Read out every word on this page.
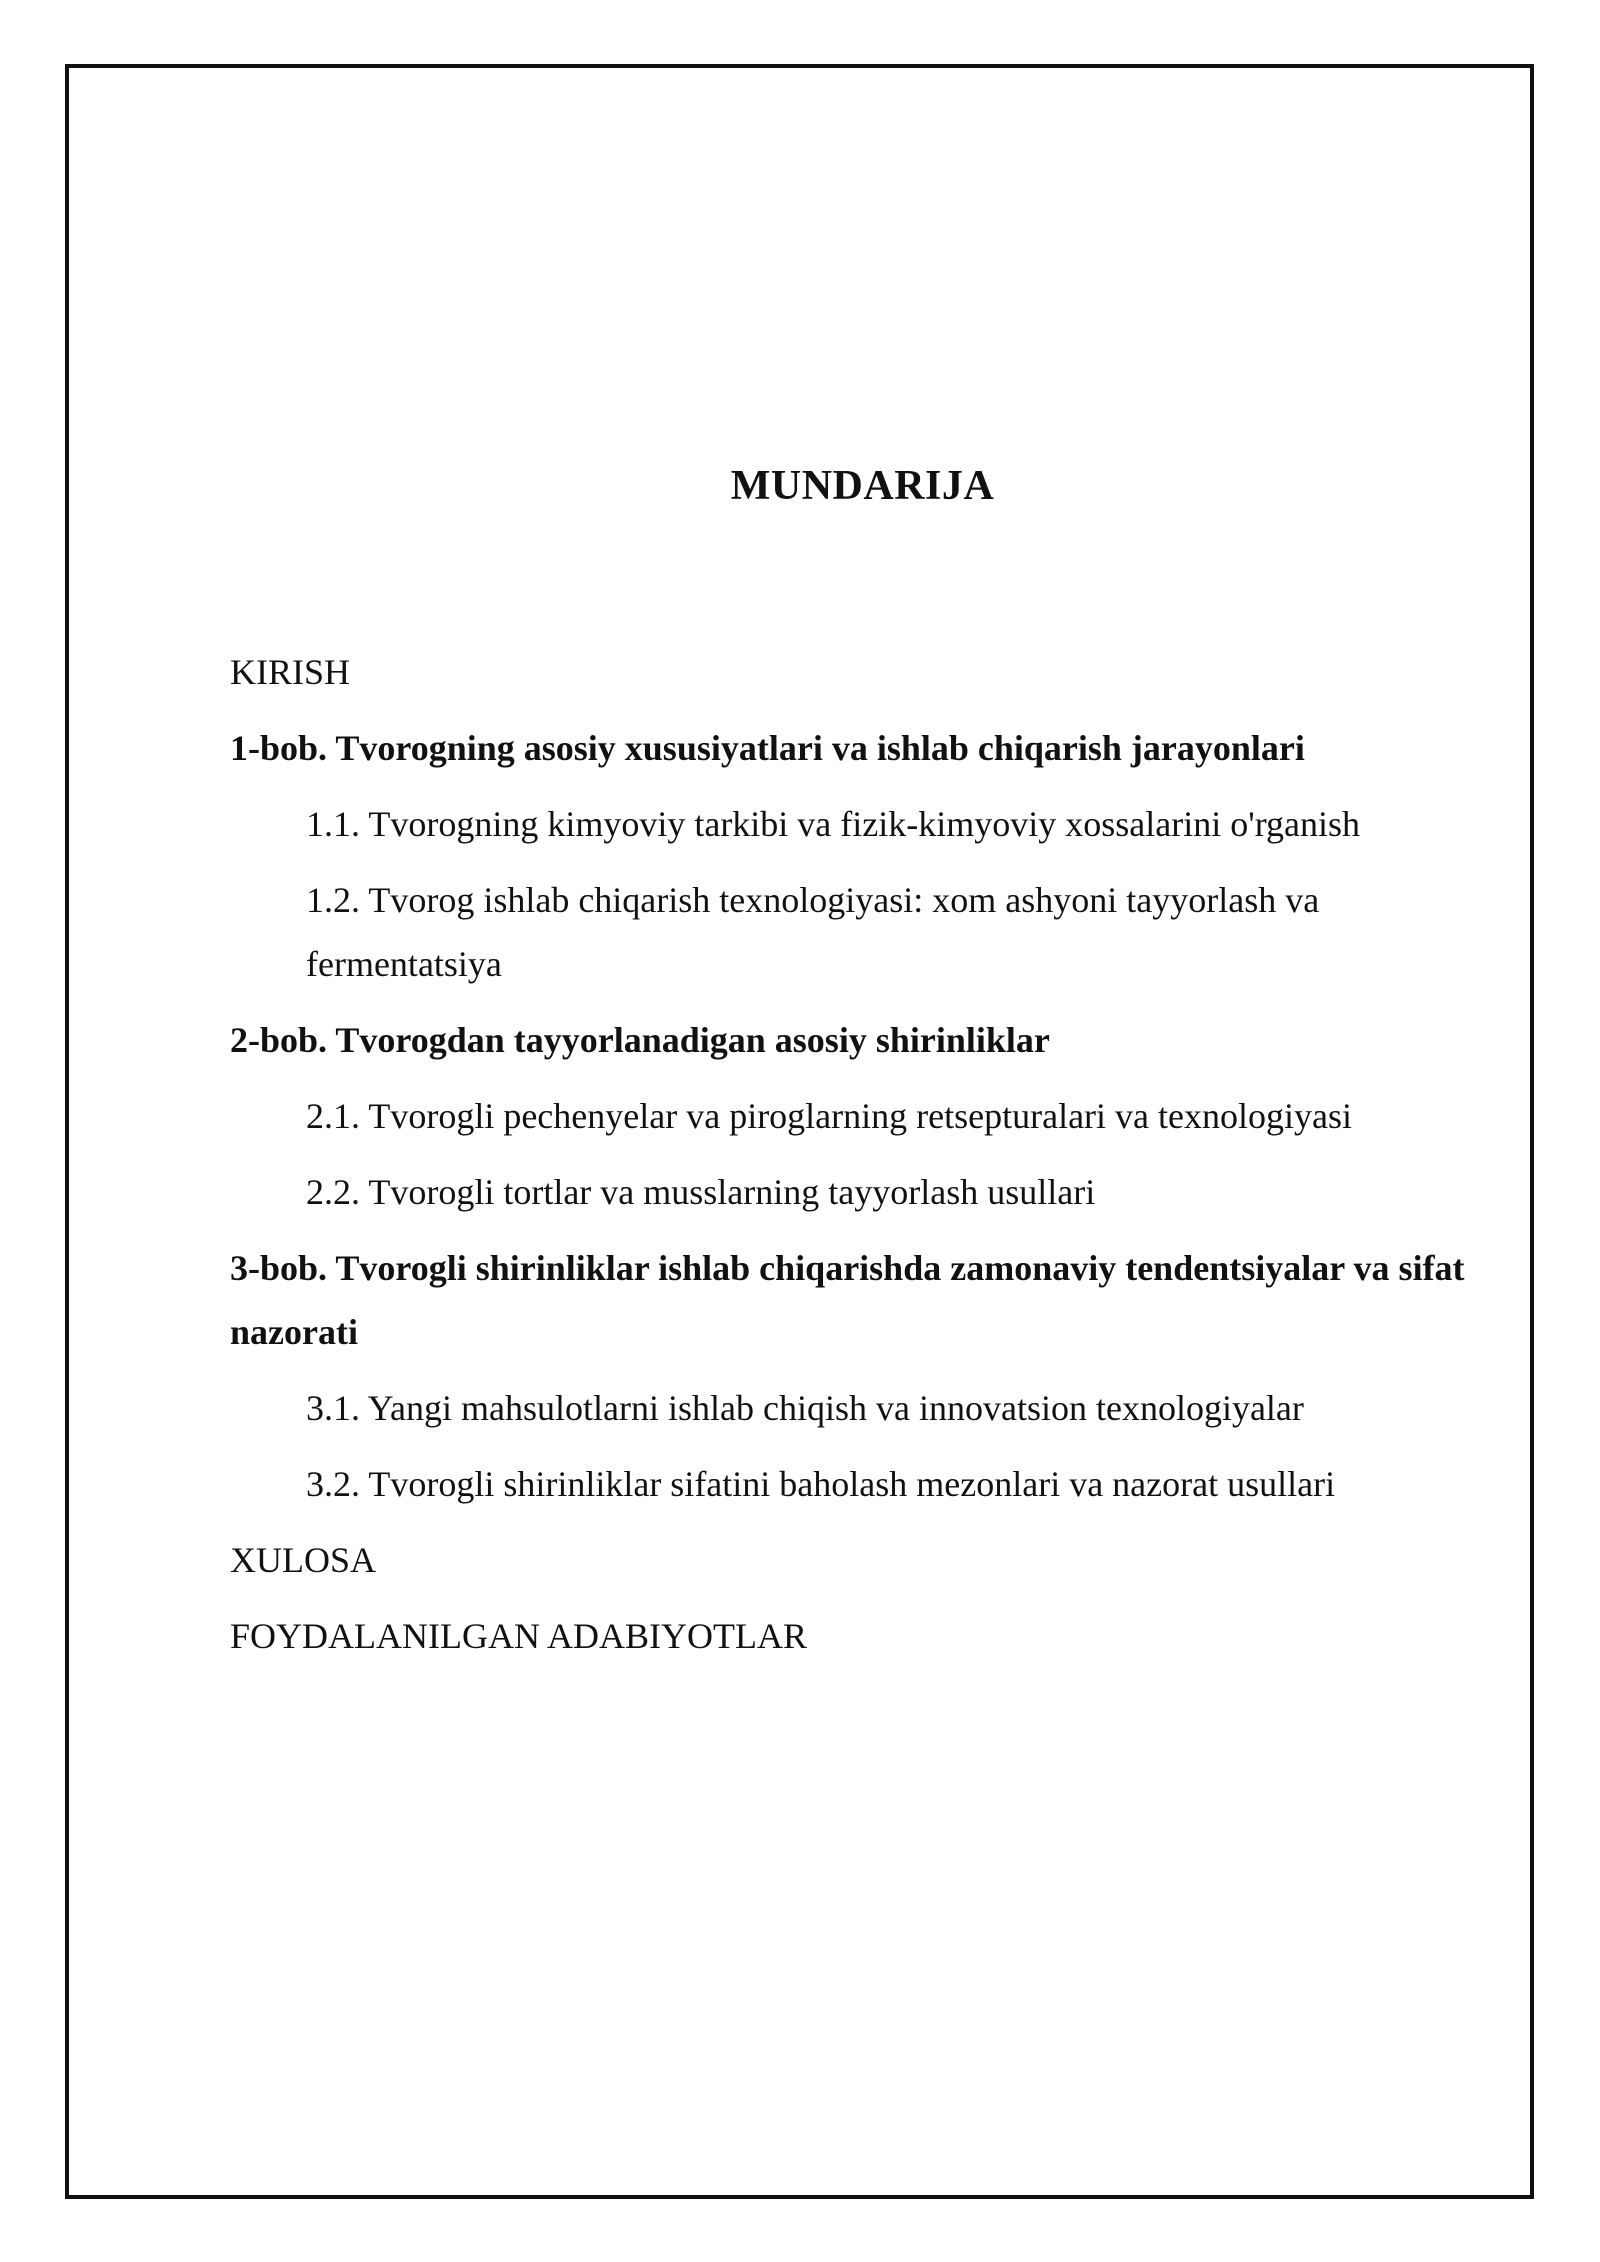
MUNDARIJA

KIRISH

1-bob. Tvorogning asosiy xususiyatlari va ishlab chiqarish jarayonlari

1.1. Tvorogning kimyoviy tarkibi va fizik-kimyoviy xossalarini o'rganish

1.2. Tvorog ishlab chiqarish texnologiyasi: xom ashyoni tayyorlash va fermentatsiya

2-bob. Tvorogdan tayyorlanadigan asosiy shirinliklar

2.1. Tvorogli pechenyelar va piroglarning retsepturalari va texnologiyasi

2.2. Tvorogli tortlar va musslarning tayyorlash usullari

3-bob. Tvorogli shirinliklar ishlab chiqarishda zamonaviy tendentsiyalar va sifat nazorati

3.1. Yangi mahsulotlarni ishlab chiqish va innovatsion texnologiyalar

3.2. Tvorogli shirinliklar sifatini baholash mezonlari va nazorat usullari

XULOSA

FOYDALANILGAN ADABIYOTLAR
